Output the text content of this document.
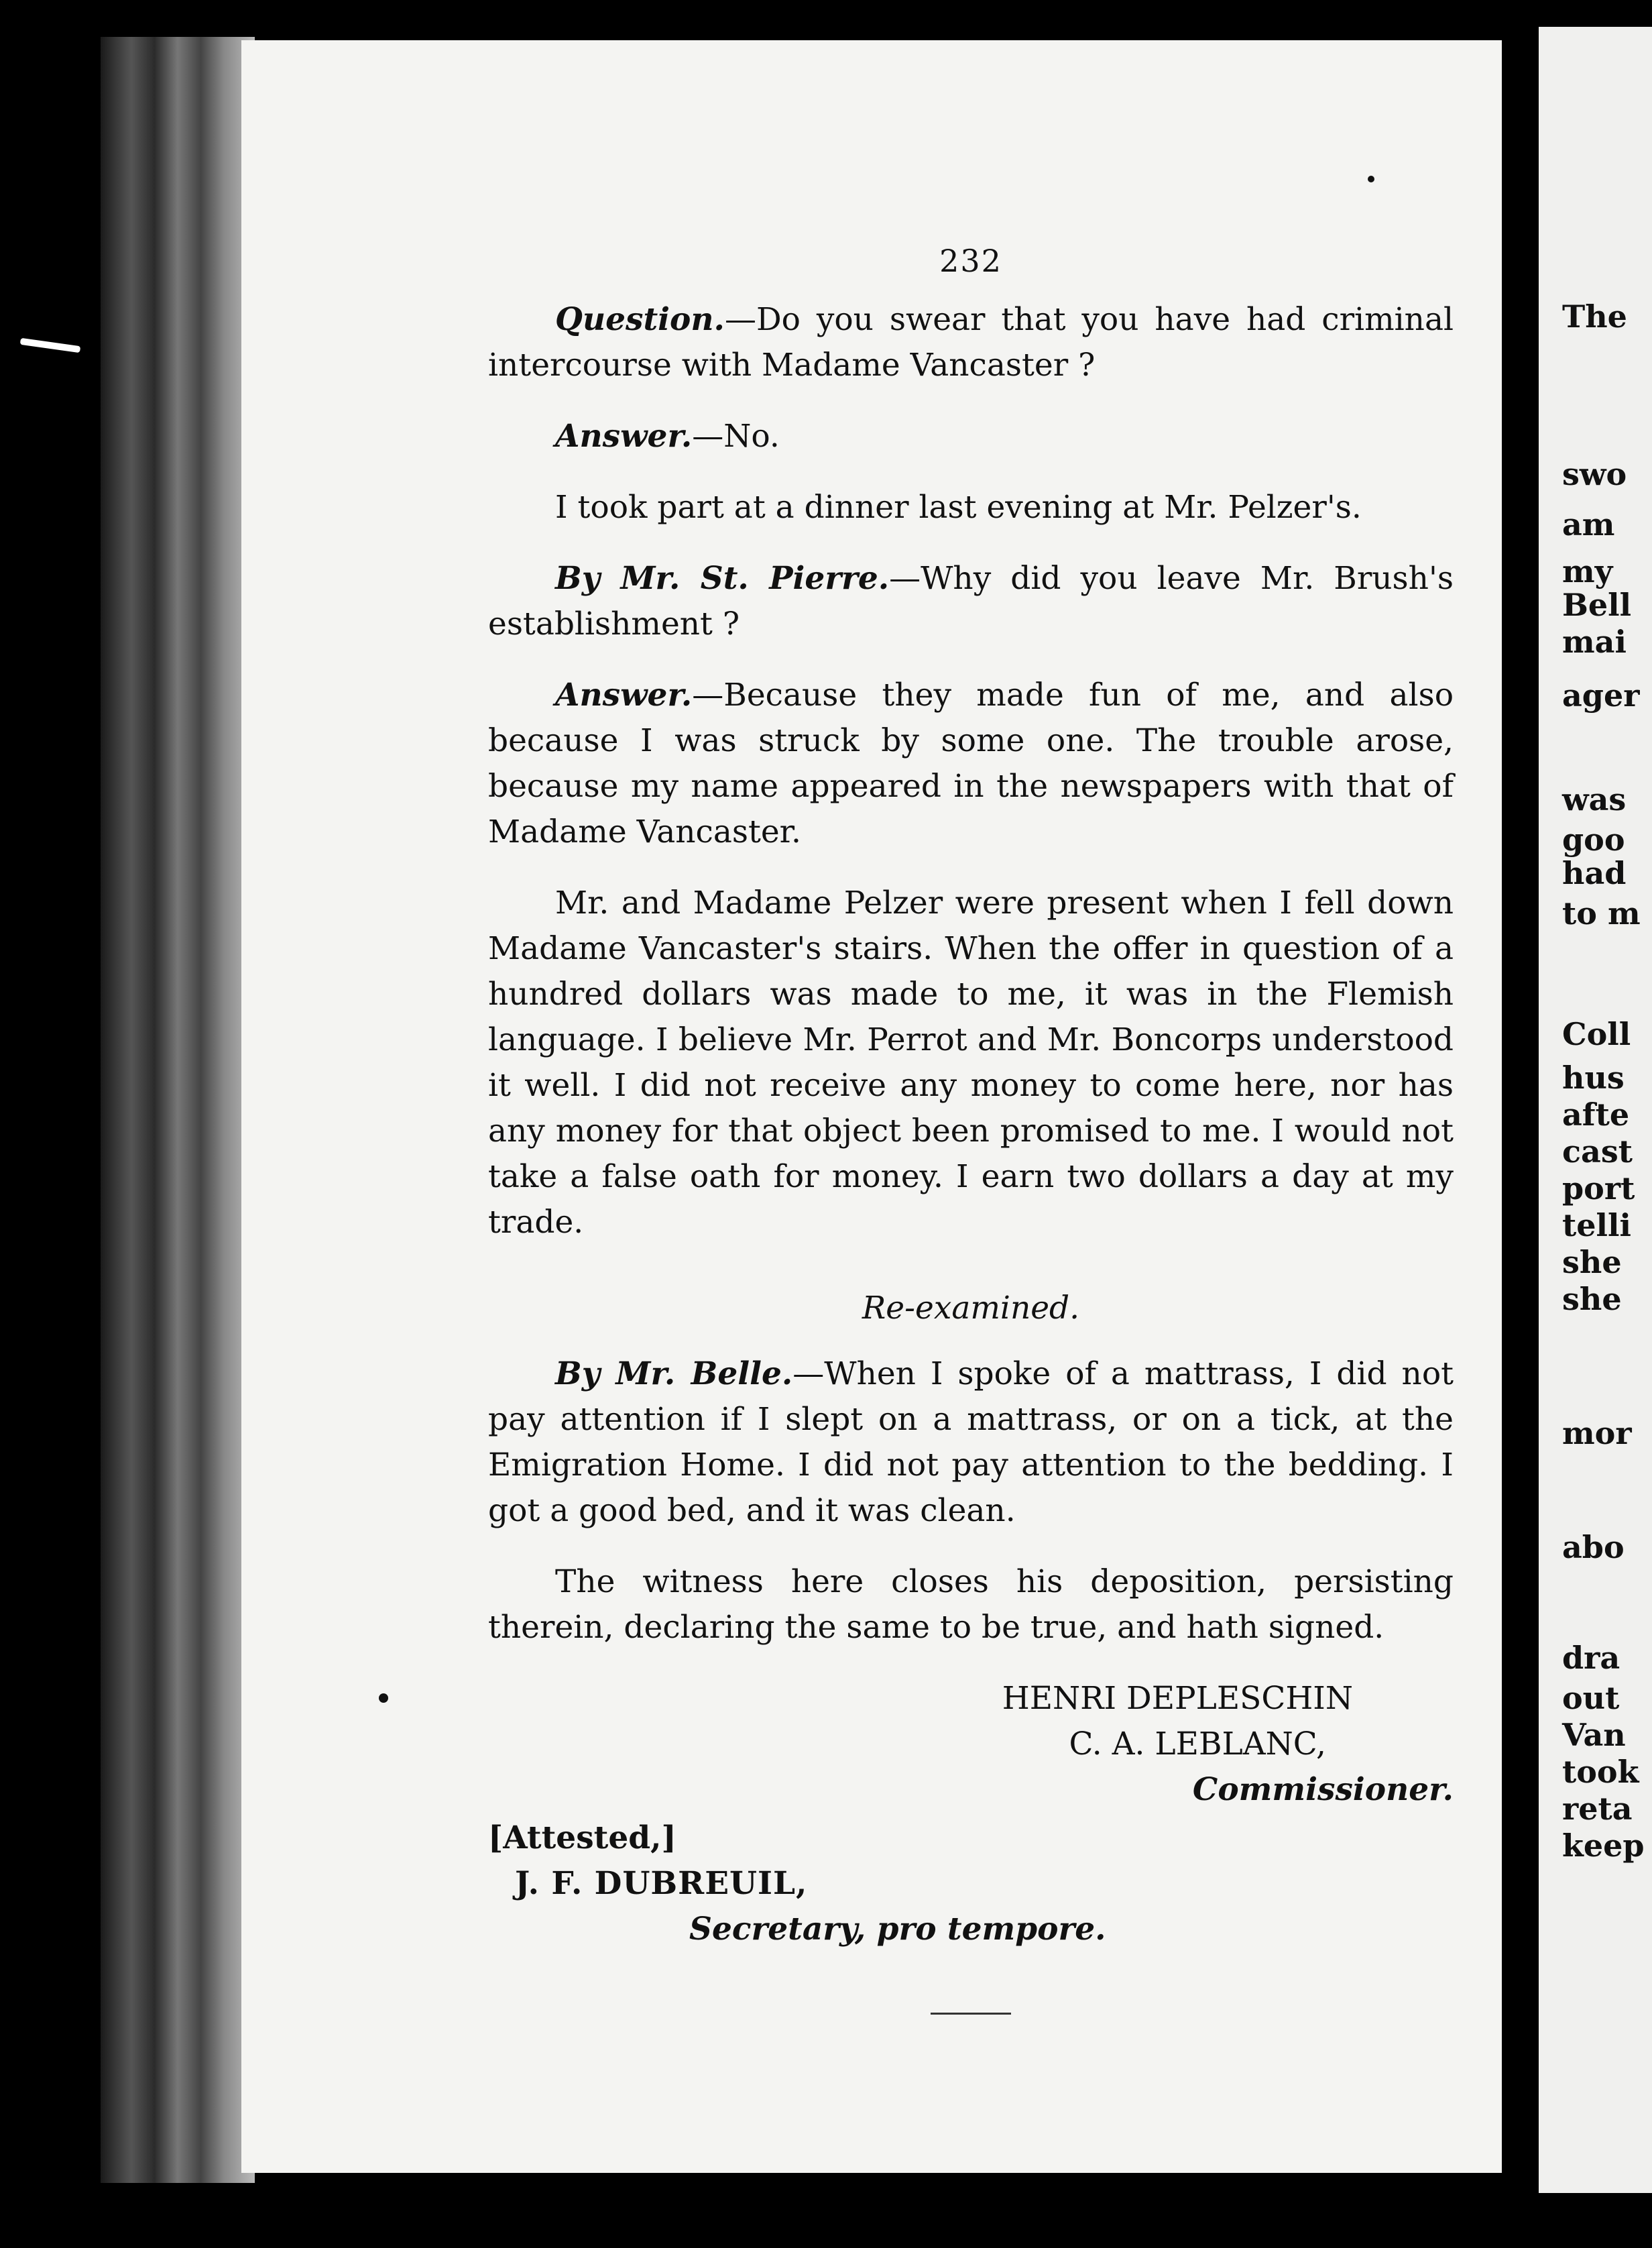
232

Question.—Do you swear that you have had criminal intercourse with Madame Vancaster ?

Answer.—No.

I took part at a dinner last evening at Mr. Pelzer's.

By Mr. St. Pierre.—Why did you leave Mr. Brush's establishment ?

Answer.—Because they made fun of me, and also because I was struck by some one. The trouble arose, because my name appeared in the newspapers with that of Madame Vancaster.

Mr. and Madame Pelzer were present when I fell down Madame Vancaster's stairs. When the offer in question of a hundred dollars was made to me, it was in the Flemish language. I believe Mr. Perrot and Mr. Boncorps understood it well. I did not receive any money to come here, nor has any money for that object been promised to me. I would not take a false oath for money. I earn two dollars a day at my trade.

Re-examined.

By Mr. Belle.—When I spoke of a mattrass, I did not pay attention if I slept on a mattrass, or on a tick, at the Emigration Home. I did not pay attention to the bedding. I got a good bed, and it was clean.

The witness here closes his deposition, persisting therein, declaring the same to be true, and hath signed.

HENRI DEPLESCHIN

C. A. LEBLANC,

Commissioner.

[Attested,]
J. F. DUBREUIL,
Secretary, pro tempore.
The
swo
am
my
Bell
mai
ager
was
goo
had
to m
Coll
hus
afte
cast
port
telli
she
she
mor
abo
dra
out
Van
took
reta
keep
